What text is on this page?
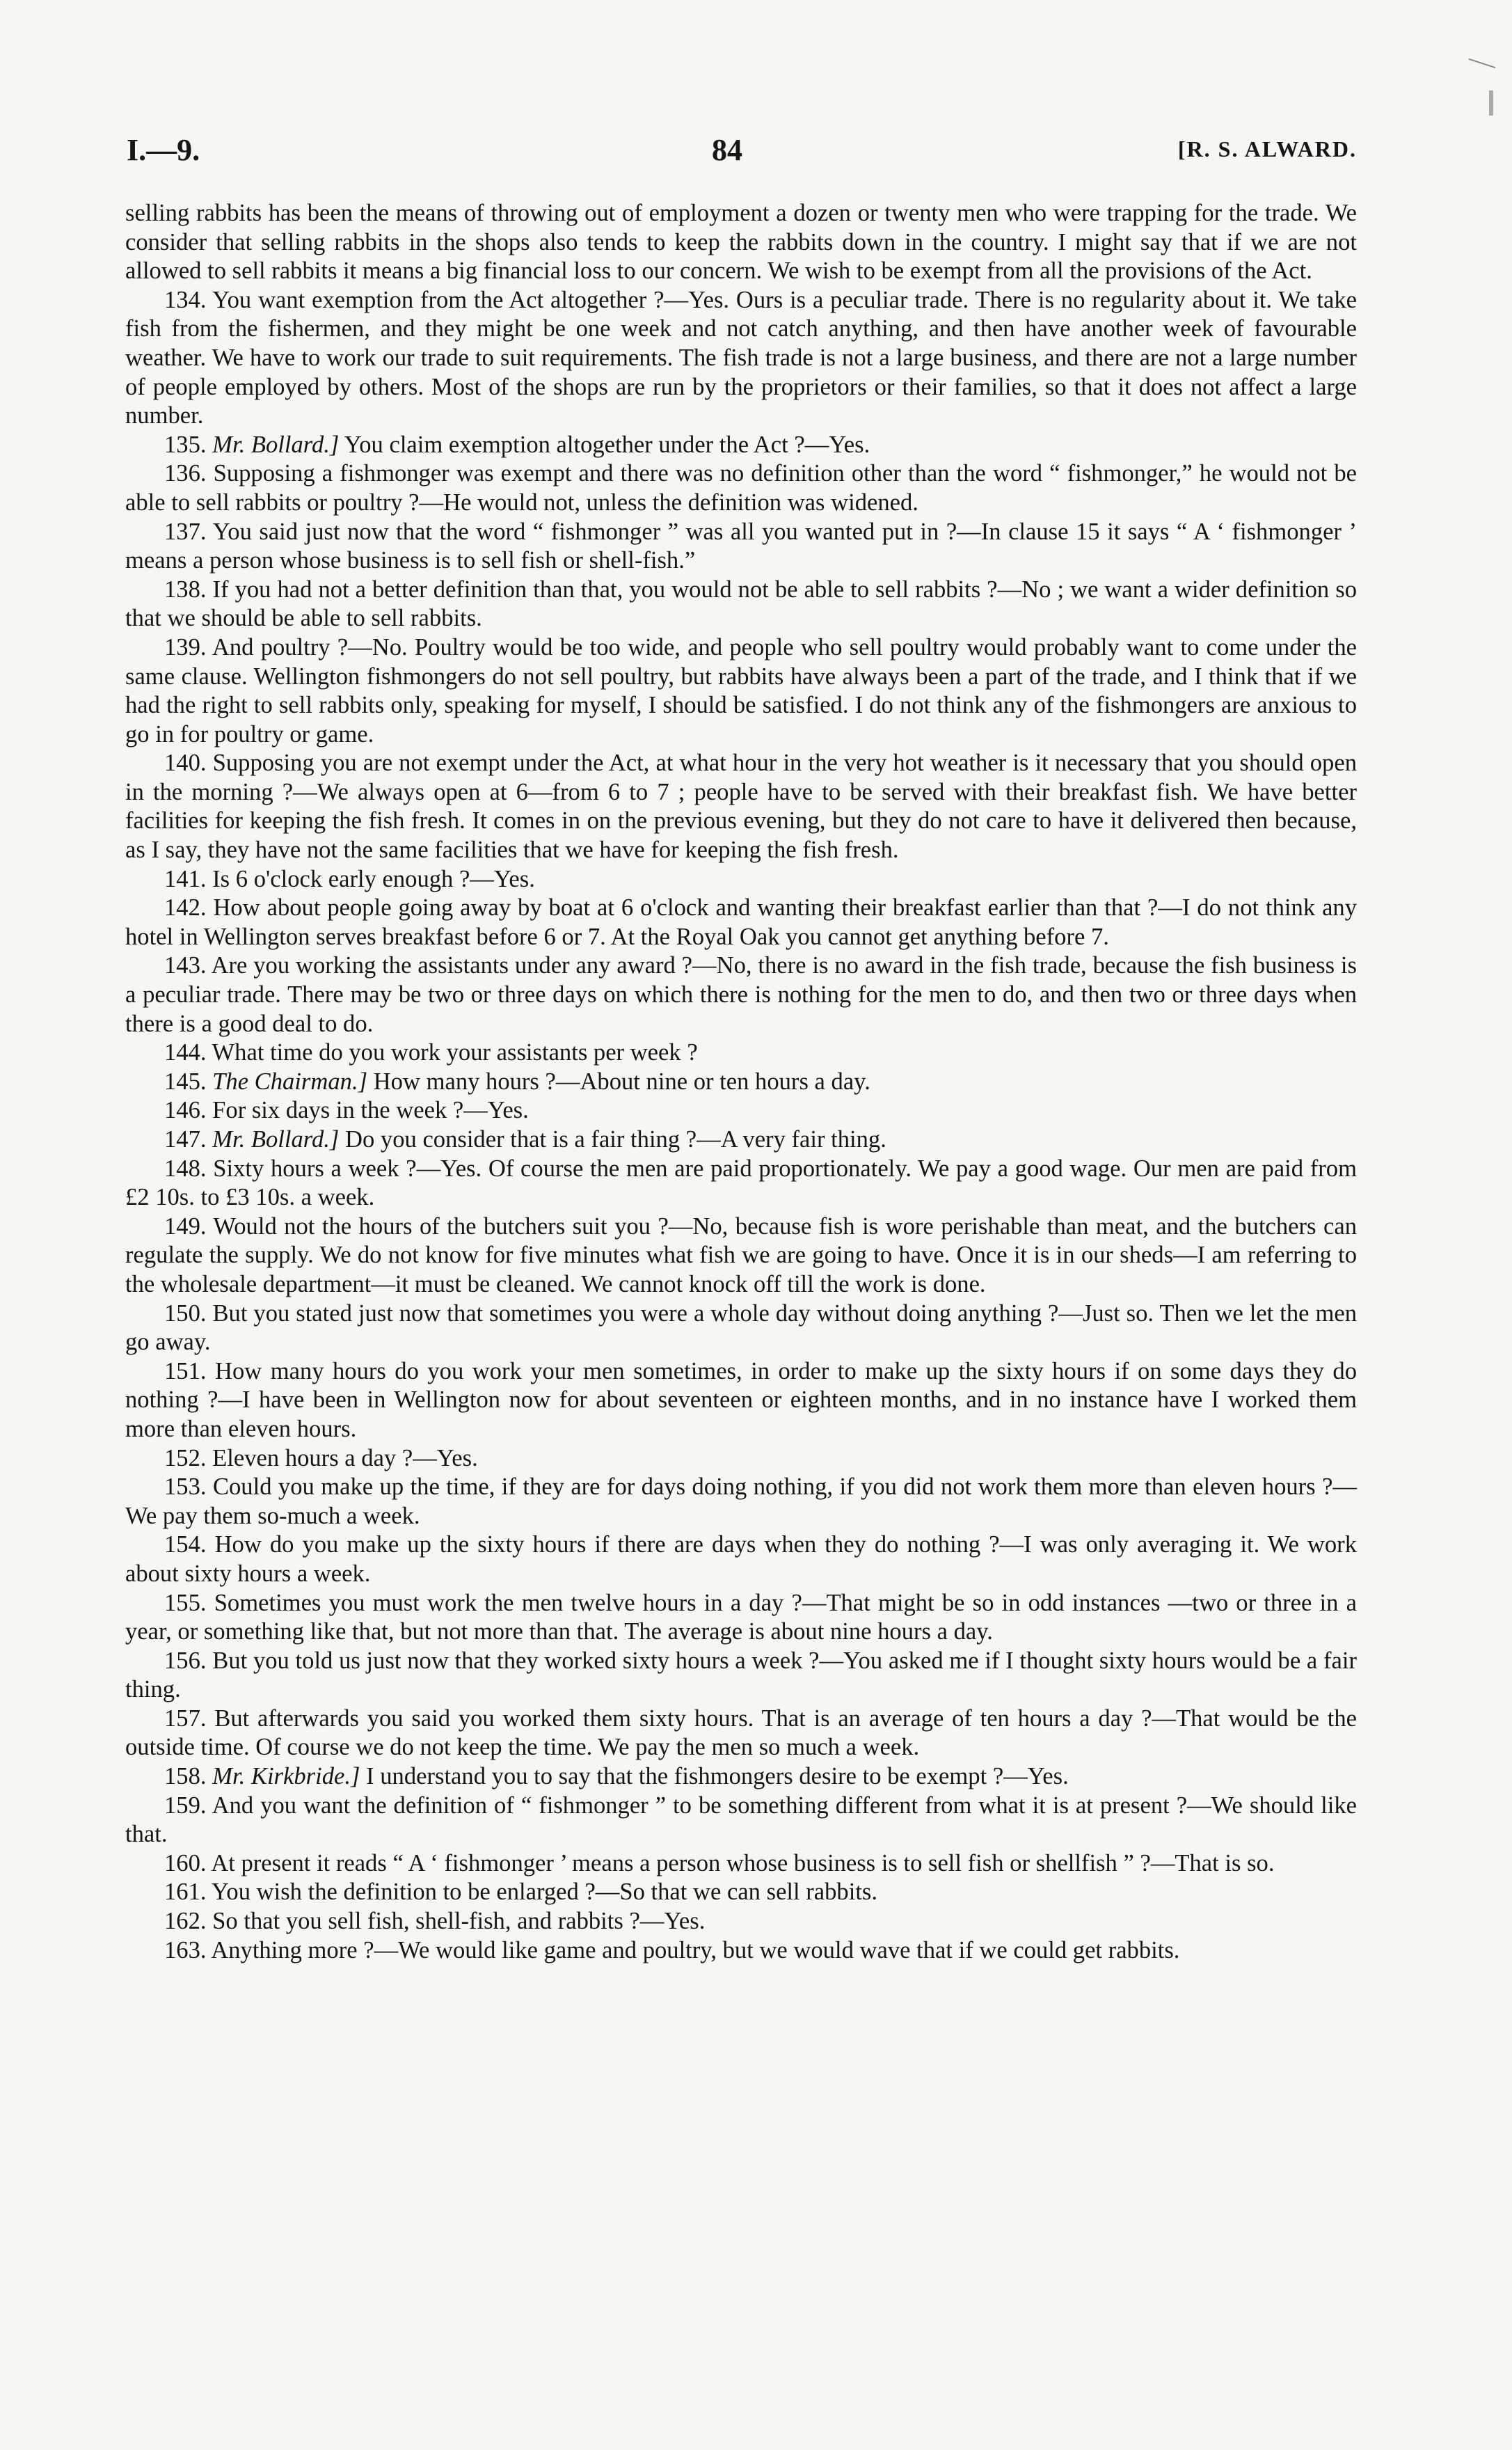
I.—9.	84	[R. S. ALWARD.

selling rabbits has been the means of throwing out of employment a dozen or twenty men who were trapping for the trade. We consider that selling rabbits in the shops also tends to keep the rabbits down in the country. I might say that if we are not allowed to sell rabbits it means a big financial loss to our concern. We wish to be exempt from all the provisions of the Act.

134. You want exemption from the Act altogether ?—Yes. Ours is a peculiar trade. There is no regularity about it. We take fish from the fishermen, and they might be one week and not catch anything, and then have another week of favourable weather. We have to work our trade to suit requirements. The fish trade is not a large business, and there are not a large number of people employed by others. Most of the shops are run by the proprietors or their families, so that it does not affect a large number.

135. Mr. Bollard.] You claim exemption altogether under the Act ?—Yes.

136. Supposing a fishmonger was exempt and there was no definition other than the word “ fishmonger,” he would not be able to sell rabbits or poultry ?—He would not, unless the definition was widened.

137. You said just now that the word “ fishmonger ” was all you wanted put in ?—In clause 15 it says “ A ‘ fishmonger ’ means a person whose business is to sell fish or shell-fish.”

138. If you had not a better definition than that, you would not be able to sell rabbits ?—No ; we want a wider definition so that we should be able to sell rabbits.

139. And poultry ?—No. Poultry would be too wide, and people who sell poultry would probably want to come under the same clause. Wellington fishmongers do not sell poultry, but rabbits have always been a part of the trade, and I think that if we had the right to sell rabbits only, speaking for myself, I should be satisfied. I do not think any of the fishmongers are anxious to go in for poultry or game.

140. Supposing you are not exempt under the Act, at what hour in the very hot weather is it necessary that you should open in the morning ?—We always open at 6—from 6 to 7 ; people have to be served with their breakfast fish. We have better facilities for keeping the fish fresh. It comes in on the previous evening, but they do not care to have it delivered then because, as I say, they have not the same facilities that we have for keeping the fish fresh.

141. Is 6 o'clock early enough ?—Yes.

142. How about people going away by boat at 6 o'clock and wanting their breakfast earlier than that ?—I do not think any hotel in Wellington serves breakfast before 6 or 7. At the Royal Oak you cannot get anything before 7.

143. Are you working the assistants under any award ?—No, there is no award in the fish trade, because the fish business is a peculiar trade. There may be two or three days on which there is nothing for the men to do, and then two or three days when there is a good deal to do.

144. What time do you work your assistants per week ?

145. The Chairman.] How many hours ?—About nine or ten hours a day.

146. For six days in the week ?—Yes.

147. Mr. Bollard.] Do you consider that is a fair thing ?—A very fair thing.

148. Sixty hours a week ?—Yes. Of course the men are paid proportionately. We pay a good wage. Our men are paid from £2 10s. to £3 10s. a week.

149. Would not the hours of the butchers suit you ?—No, because fish is wore perishable than meat, and the butchers can regulate the supply. We do not know for five minutes what fish we are going to have. Once it is in our sheds—I am referring to the wholesale department—it must be cleaned. We cannot knock off till the work is done.

150. But you stated just now that sometimes you were a whole day without doing anything ?—Just so. Then we let the men go away.

151. How many hours do you work your men sometimes, in order to make up the sixty hours if on some days they do nothing ?—I have been in Wellington now for about seventeen or eighteen months, and in no instance have I worked them more than eleven hours.

152. Eleven hours a day ?—Yes.

153. Could you make up the time, if they are for days doing nothing, if you did not work them more than eleven hours ?—We pay them so-much a week.

154. How do you make up the sixty hours if there are days when they do nothing ?—I was only averaging it. We work about sixty hours a week.

155. Sometimes you must work the men twelve hours in a day ?—That might be so in odd instances —two or three in a year, or something like that, but not more than that. The average is about nine hours a day.

156. But you told us just now that they worked sixty hours a week ?—You asked me if I thought sixty hours would be a fair thing.

157. But afterwards you said you worked them sixty hours. That is an average of ten hours a day ?—That would be the outside time. Of course we do not keep the time. We pay the men so much a week.

158. Mr. Kirkbride.] I understand you to say that the fishmongers desire to be exempt ?—Yes.

159. And you want the definition of “ fishmonger ” to be something different from what it is at present ?—We should like that.

160. At present it reads “ A ‘ fishmonger ’ means a person whose business is to sell fish or shellfish ” ?—That is so.

161. You wish the definition to be enlarged ?—So that we can sell rabbits.

162. So that you sell fish, shell-fish, and rabbits ?—Yes.

163. Anything more ?—We would like game and poultry, but we would wave that if we could get rabbits.
